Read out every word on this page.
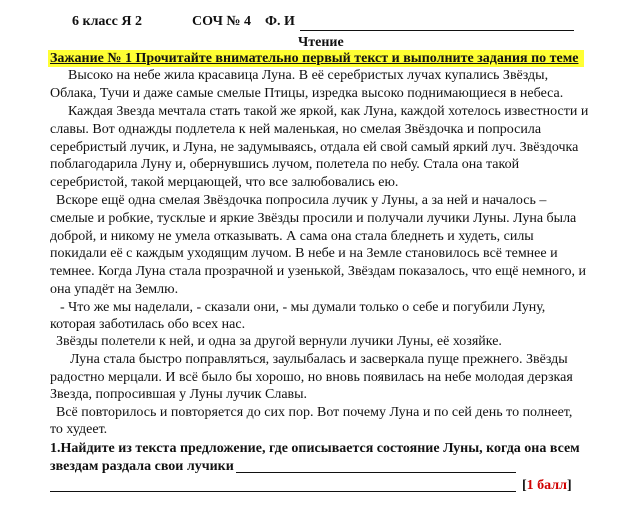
6 класс Я 2	СОЧ № 4 Ф. И
Чтение
Зажание № 1 Прочитайте внимательно первый текст и выполните задания по теме
Высоко на небе жила красавица Луна. В её серебристых лучах купались Звёзды,
Облака, Тучи и даже самые смелые Птицы, изредка высоко поднимающиеся в небеса.
Каждая Звезда мечтала стать такой же яркой, как Луна, каждой хотелось известности и
славы. Вот однажды подлетела к ней маленькая, но смелая Звёздочка и попросила
серебристый лучик, и Луна, не задумываясь, отдала ей свой самый яркий луч. Звёздочка
поблагодарила Луну и, обернувшись лучом, полетела по небу. Стала она такой
серебристой, такой мерцающей, что все залюбовались ею.
Вскоре ещё одна смелая Звёздочка попросила лучик у Луны, а за ней и началось –
смелые и робкие, тусклые и яркие Звёзды просили и получали лучики Луны. Луна была
доброй, и никому не умела отказывать. А сама она стала бледнеть и худеть, силы
покидали её с каждым уходящим лучом. В небе и на Земле становилось всё темнее и
темнее. Когда Луна стала прозрачной и узенькой, Звёздам показалось, что ещё немного, и
она упадёт на Землю.
- Что же мы наделали, - сказали они, - мы думали только о себе и погубили Луну,
которая заботилась обо всех нас.
Звёзды полетели к ней, и одна за другой вернули лучики Луны, её хозяйке.
Луна стала быстро поправляться, заулыбалась и засверкала пуще прежнего. Звёзды
радостно мерцали. И всё было бы хорошо, но вновь появилась на небе молодая дерзкая
Звезда, попросившая у Луны лучик Славы.
Всё повторилось и повторяется до сих пор. Вот почему Луна и по сей день то полнеет,
то худеет.
1.Найдите из текста предложение, где описывается состояние Луны, когда она всем
звездам раздала свои лучики
[1 балл]
